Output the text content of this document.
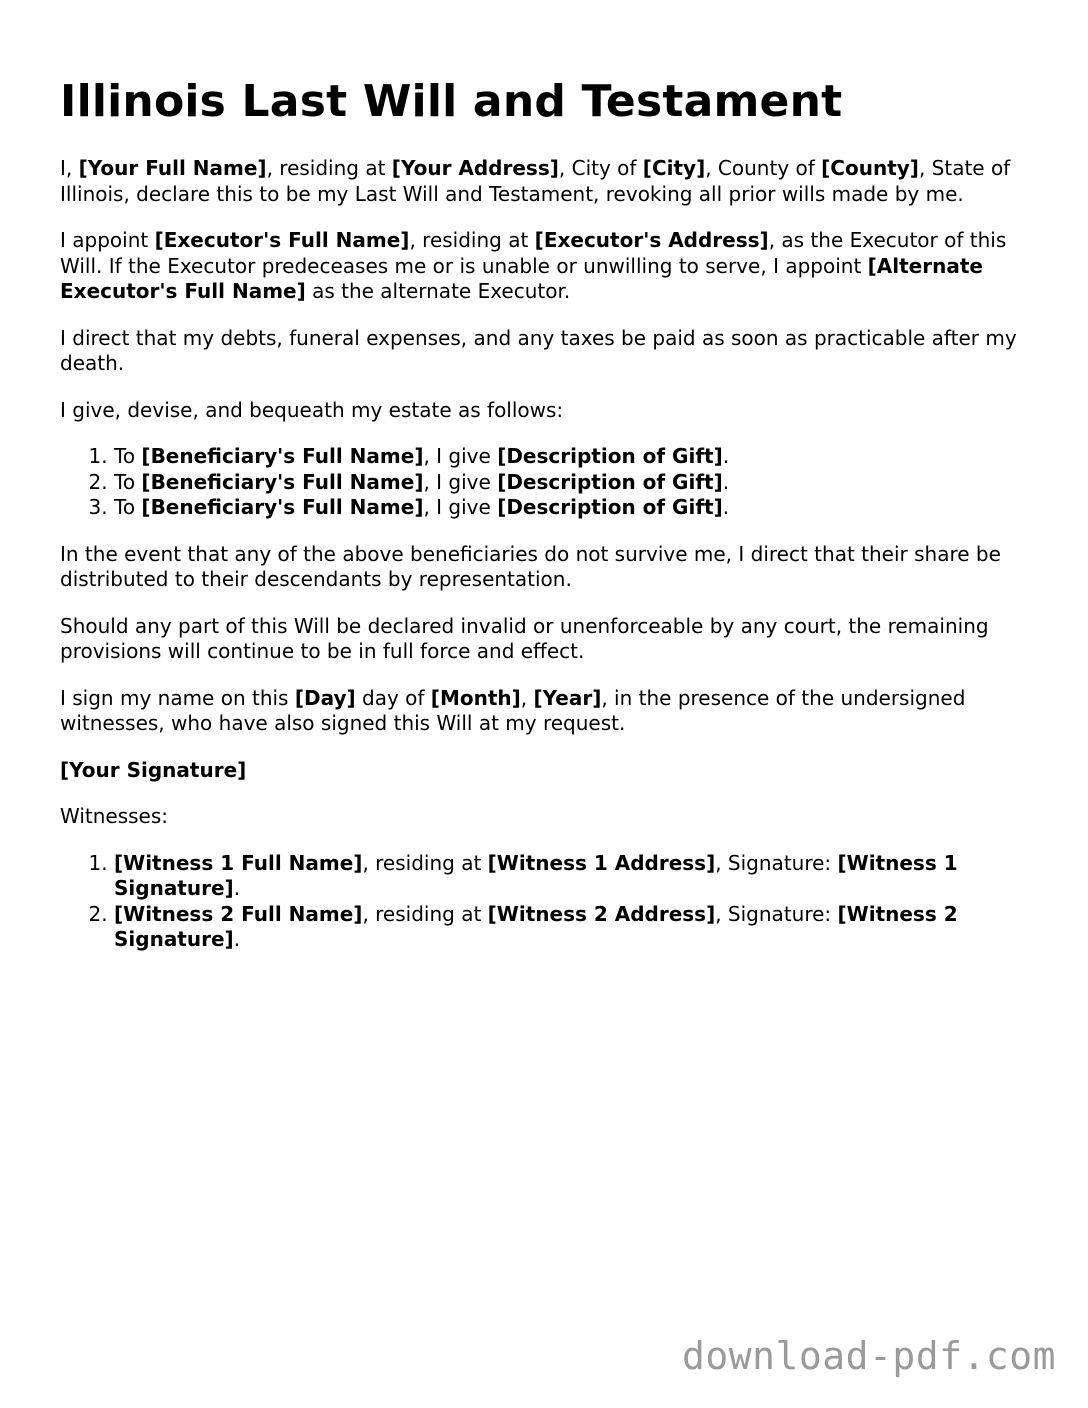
Illinois Last Will and Testament

I, [Your Full Name], residing at [Your Address], City of [City], County of [County], State of Illinois, declare this to be my Last Will and Testament, revoking all prior wills made by me.

I appoint [Executor's Full Name], residing at [Executor's Address], as the Executor of this Will. If the Executor predeceases me or is unable or unwilling to serve, I appoint [Alternate Executor's Full Name] as the alternate Executor.

I direct that my debts, funeral expenses, and any taxes be paid as soon as practicable after my death.

I give, devise, and bequeath my estate as follows:

1. To [Beneficiary's Full Name], I give [Description of Gift].
2. To [Beneficiary's Full Name], I give [Description of Gift].
3. To [Beneficiary's Full Name], I give [Description of Gift].

In the event that any of the above beneficiaries do not survive me, I direct that their share be distributed to their descendants by representation.

Should any part of this Will be declared invalid or unenforceable by any court, the remaining provisions will continue to be in full force and effect.

I sign my name on this [Day] day of [Month], [Year], in the presence of the undersigned witnesses, who have also signed this Will at my request.

[Your Signature]

Witnesses:

1. [Witness 1 Full Name], residing at [Witness 1 Address], Signature: [Witness 1 Signature].
2. [Witness 2 Full Name], residing at [Witness 2 Address], Signature: [Witness 2 Signature].
download-pdf.com
